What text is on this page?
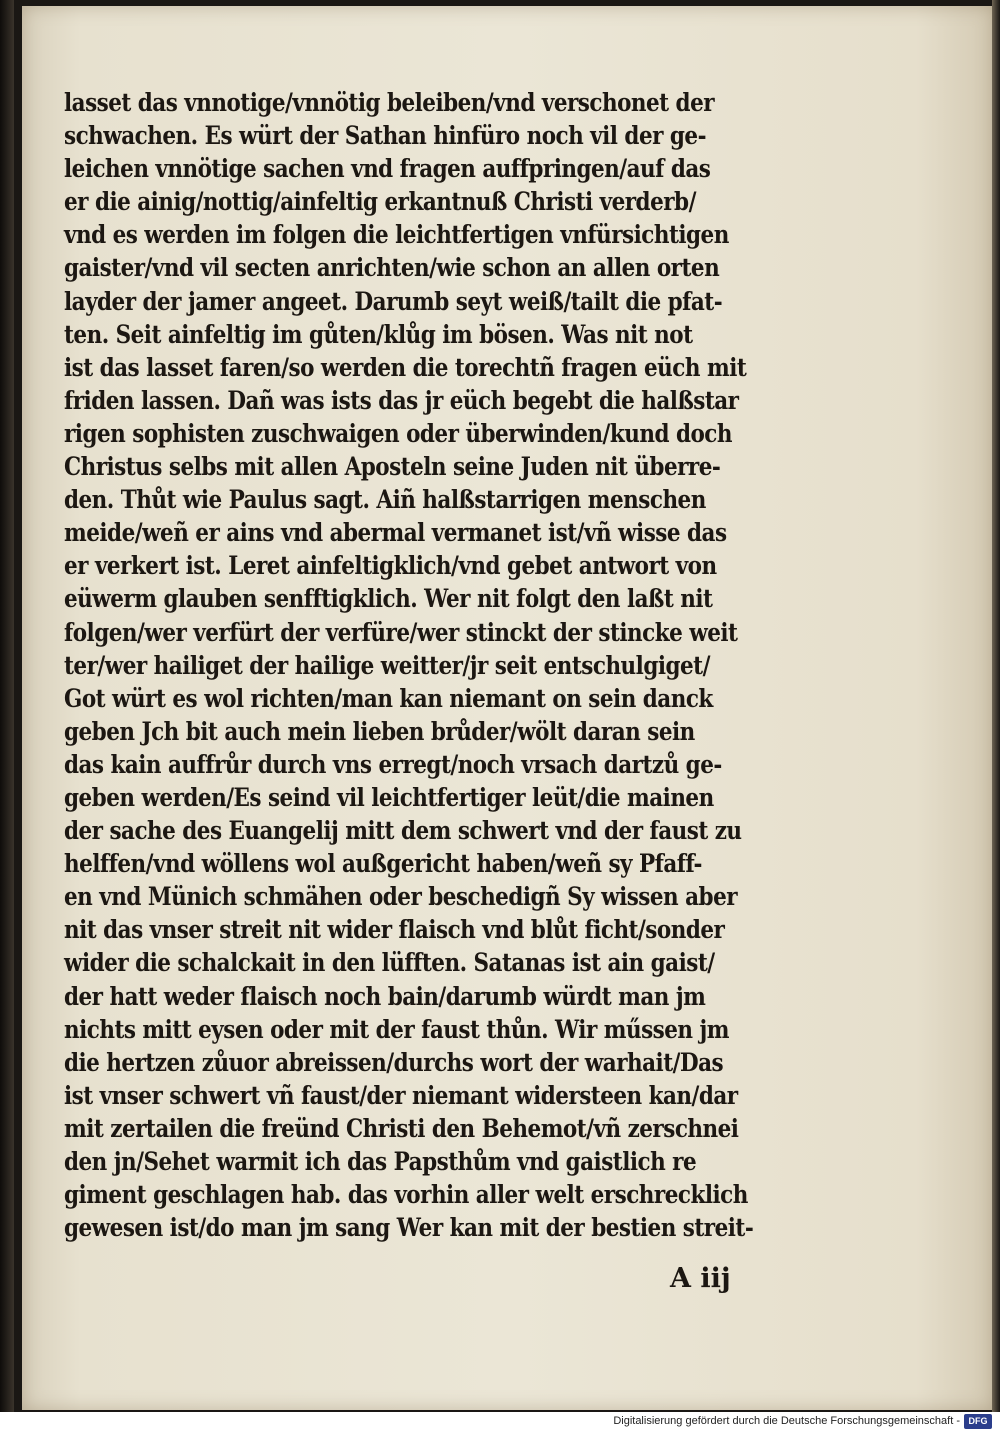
lasset das vnnotige/vnnötig beleiben/vnd verschonet der
schwachen. Es würt der Sathan hinfüro noch vil der ge-
leichen vnnötige sachen vnd fragen auffpringen/auf das
er die ainig/nottig/ainfeltig erkantnuß Christi verderb/
vnd es werden im folgen die leichtfertigen vnfürsichtigen
gaister/vnd vil secten anrichten/wie schon an allen orten
layder der jamer angeet. Darumb seyt weiß/tailt die pfat-
ten. Seit ainfeltig im gůten/klůg im bösen. Was nit not
ist das lasset faren/so werden die torechtñ fragen eüch mit
friden lassen. Dañ was ists das jr eüch begebt die halßstar
rigen sophisten zuschwaigen oder überwinden/kund doch
Christus selbs mit allen Aposteln seine Juden nit überre-
den. Thůt wie Paulus sagt. Aiñ halßstarrigen menschen
meide/weñ er ains vnd abermal vermanet ist/vñ wisse das
er verkert ist. Leret ainfeltigklich/vnd gebet antwort von
eüwerm glauben senfftigklich. Wer nit folgt den laßt nit
folgen/wer verfürt der verfüre/wer stinckt der stincke weit
ter/wer hailiget der hailige weitter/jr seit entschulgiget/
Got würt es wol richten/man kan niemant on sein danck
geben Jch bit auch mein lieben brůder/wölt daran sein
das kain auffrůr durch vns erregt/noch vrsach dartzů ge-
geben werden/Es seind vil leichtfertiger leüt/die mainen
der sache des Euangelij mitt dem schwert vnd der faust zu
helffen/vnd wöllens wol außgericht haben/weñ sy Pfaff-
en vnd Münich schmähen oder beschedigñ Sy wissen aber
nit das vnser streit nit wider flaisch vnd blůt ficht/sonder
wider die schalckait in den lüfften. Satanas ist ain gaist/
der hatt weder flaisch noch bain/darumb würdt man jm
nichts mitt eysen oder mit der faust thůn. Wir műssen jm
die hertzen zůuor abreissen/durchs wort der warhait/Das
ist vnser schwert vñ faust/der niemant widersteen kan/dar
mit zertailen die freünd Christi den Behemot/vñ zerschnei
den jn/Sehet warmit ich das Papsthům vnd gaistlich re
giment geschlagen hab. das vorhin aller welt erschrecklich
gewesen ist/do man jm sang Wer kan mit der bestien streit-
A iij
Digitalisierung gefördert durch die Deutsche Forschungsgemeinschaft - DFG
